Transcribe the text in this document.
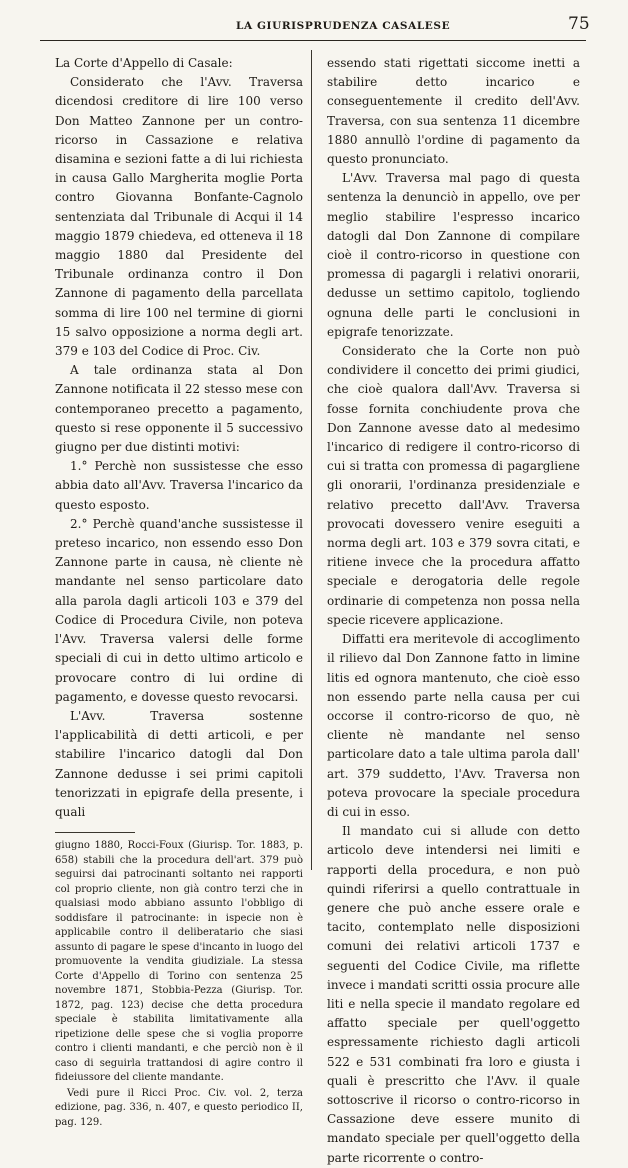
LA GIURISPRUDENZA CASALESE	75

La Corte d'Appello di Casale:

Considerato che l'Avv. Traversa dicendosi creditore di lire 100 verso Don Matteo Zannone per un contro-ricorso in Cassazione e relativa disamina e sezioni fatte a di lui richiesta in causa Gallo Margherita moglie Porta contro Giovanna Bonfante-Cagnolo sentenziata dal Tribunale di Acqui il 14 maggio 1879 chiedeva, ed otteneva il 18 maggio 1880 dal Presidente del Tribunale ordinanza contro il Don Zannone di pagamento della parcellata somma di lire 100 nel termine di giorni 15 salvo opposizione a norma degli art. 379 e 103 del Codice di Proc. Civ.

A tale ordinanza stata al Don Zannone notificata il 22 stesso mese con contemporaneo precetto a pagamento, questo si rese opponente il 5 successivo giugno per due distinti motivi:

1.° Perchè non sussistesse che esso abbia dato all'Avv. Traversa l'incarico da questo esposto.

2.° Perchè quand'anche sussistesse il preteso incarico, non essendo esso Don Zannone parte in causa, nè cliente nè mandante nel senso particolare dato alla parola dagli articoli 103 e 379 del Codice di Procedura Civile, non poteva l'Avv. Traversa valersi delle forme speciali di cui in detto ultimo articolo e provocare contro di lui ordine di pagamento, e dovesse questo revocarsi.

L'Avv. Traversa sostenne l'applicabilità di detti articoli, e per stabilire l'incarico datogli dal Don Zannone dedusse i sei primi capitoli tenorizzati in epigrafe della presente, i quali

giugno 1880, Rocci-Foux (Giurisp. Tor. 1883, p. 658) stabili che la procedura dell'art. 379 può seguirsi dai patrocinanti soltanto nei rapporti col proprio cliente, non già contro terzi che in qualsiasi modo abbiano assunto l'obbligo di soddisfare il patrocinante: in ispecie non è applicabile contro il deliberatario che siasi assunto di pagare le spese d'incanto in luogo del promuovente la vendita giudiziale. La stessa Corte d'Appello di Torino con sentenza 25 novembre 1871, Stobbia-Pezza (Giurisp. Tor. 1872, pag. 123) decise che detta procedura speciale è stabilita limitativamente alla ripetizione delle spese che si voglia proporre contro i clienti mandanti, e che perciò non è il caso di seguirla trattandosi di agire contro il fideiussore del cliente mandante.

Vedi pure il Ricci Proc. Civ. vol. 2, terza edizione, pag. 336, n. 407, e questo periodico II, pag. 129.

essendo stati rigettati siccome inetti a stabilire detto incarico e conseguentemente il credito dell'Avv. Traversa, con sua sentenza 11 dicembre 1880 annullò l'ordine di pagamento da questo pronunciato.

L'Avv. Traversa mal pago di questa sentenza la denunciò in appello, ove per meglio stabilire l'espresso incarico datogli dal Don Zannone di compilare cioè il contro-ricorso in questione con promessa di pagargli i relativi onorarii, dedusse un settimo capitolo, togliendo ognuna delle parti le conclusioni in epigrafe tenorizzate.

Considerato che la Corte non può condividere il concetto dei primi giudici, che cioè qualora dall'Avv. Traversa si fosse fornita conchiudente prova che Don Zannone avesse dato al medesimo l'incarico di redigere il contro-ricorso di cui si tratta con promessa di pagargliene gli onorarii, l'ordinanza presidenziale e relativo precetto dall'Avv. Traversa provocati dovessero venire eseguiti a norma degli art. 103 e 379 sovra citati, e ritiene invece che la procedura affatto speciale e derogatoria delle regole ordinarie di competenza non possa nella specie ricevere applicazione.

Diffatti era meritevole di accoglimento il rilievo dal Don Zannone fatto in limine litis ed ognora mantenuto, che cioè esso non essendo parte nella causa per cui occorse il contro-ricorso de quo, nè cliente nè mandante nel senso particolare dato a tale ultima parola dall' art. 379 suddetto, l'Avv. Traversa non poteva provocare la speciale procedura di cui in esso.

Il mandato cui si allude con detto articolo deve intendersi nei limiti e rapporti della procedura, e non può quindi riferirsi a quello contrattuale in genere che può anche essere orale e tacito, contemplato nelle disposizioni comuni dei relativi articoli 1737 e seguenti del Codice Civile, ma riflette invece i mandati scritti ossia procure alle liti e nella specie il mandato regolare ed affatto speciale per quell'oggetto espressamente richiesto dagli articoli 522 e 531 combinati fra loro e giusta i quali è prescritto che l'Avv. il quale sottoscrive il ricorso o contro-ricorso in Cassazione deve essere munito di mandato speciale per quell'oggetto della parte ricorrente o contro-
